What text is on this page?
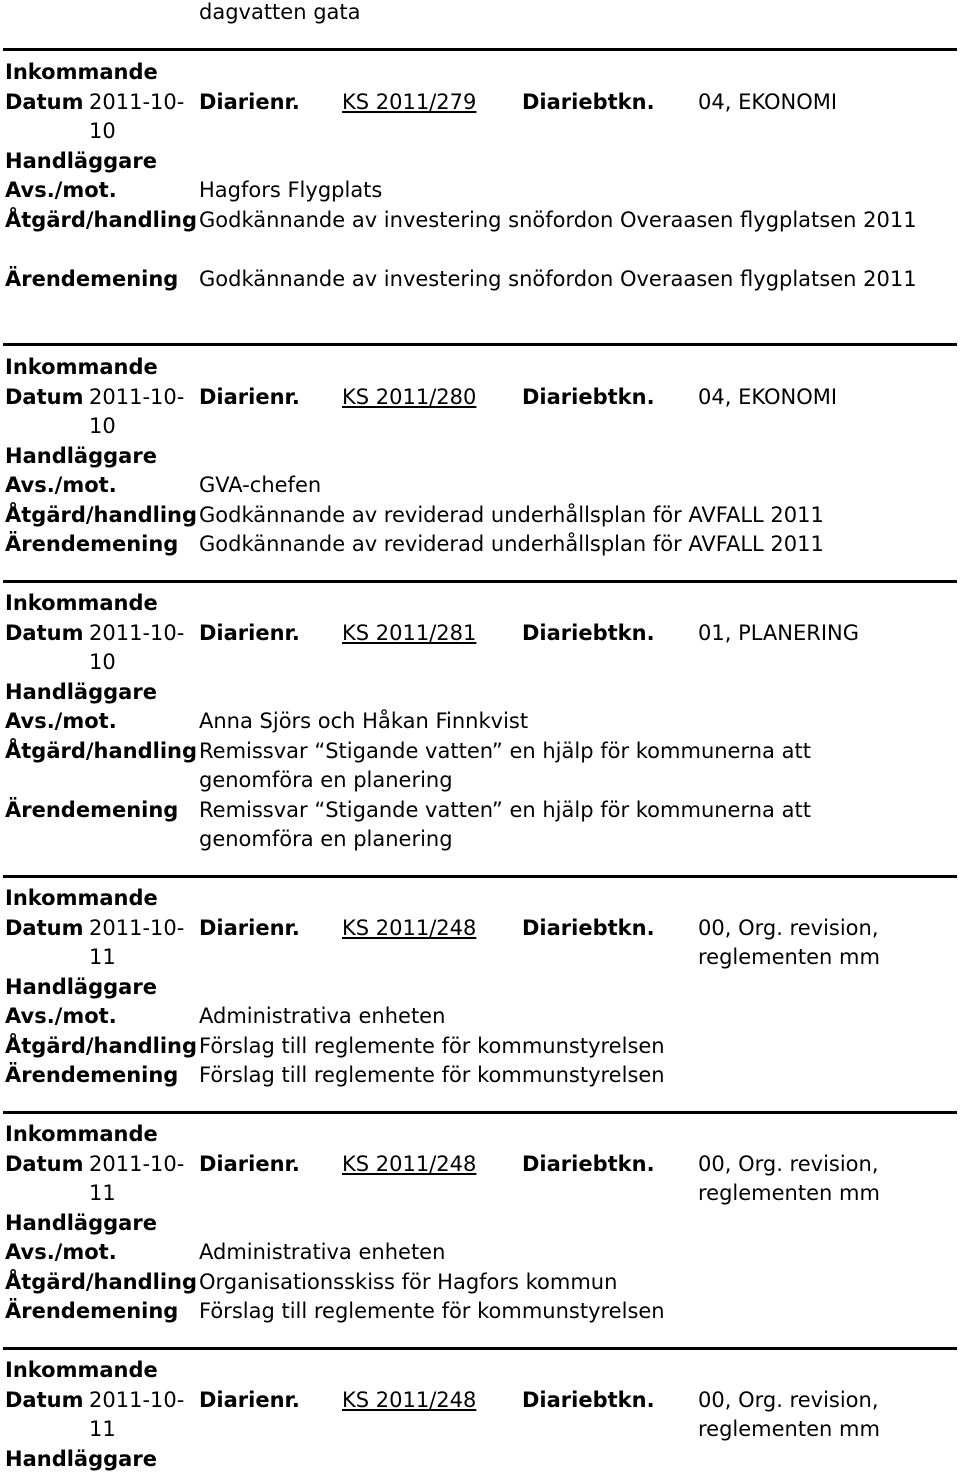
dagvatten gata
Inkommande
Datum 2011-10- Diarienr. KS 2011/279 Diariebtkn. 04, EKONOMI
10
Handläggare
Avs./mot.	Hagfors Flygplats
Åtgärd/handling Godkännande av investering snöfordon Overaasen flygplatsen 2011
Ärendemening Godkännande av investering snöfordon Overaasen flygplatsen 2011
Inkommande
Datum 2011-10- Diarienr. KS 2011/280 Diariebtkn. 04, EKONOMI
10
Handläggare
Avs./mot.	GVA-chefen
Åtgärd/handling Godkännande av reviderad underhållsplan för AVFALL 2011
Ärendemening Godkännande av reviderad underhållsplan för AVFALL 2011
Inkommande
Datum 2011-10- Diarienr. KS 2011/281 Diariebtkn. 01, PLANERING
10
Handläggare
Avs./mot.	Anna Sjörs och Håkan Finnkvist
Åtgärd/handling Remissvar “Stigande vatten” en hjälp för kommunerna att genomföra en planering
Ärendemening Remissvar “Stigande vatten” en hjälp för kommunerna att genomföra en planering
Inkommande
Datum 2011-10- Diarienr. KS 2011/248 Diariebtkn. 00, Org. revision, reglementen mm
11
Handläggare
Avs./mot.	Administrativa enheten
Åtgärd/handling Förslag till reglemente för kommunstyrelsen
Ärendemening Förslag till reglemente för kommunstyrelsen
Inkommande
Datum 2011-10- Diarienr. KS 2011/248 Diariebtkn. 00, Org. revision, reglementen mm
11
Handläggare
Avs./mot.	Administrativa enheten
Åtgärd/handling Organisationsskiss för Hagfors kommun
Ärendemening Förslag till reglemente för kommunstyrelsen
Inkommande
Datum 2011-10- Diarienr. KS 2011/248 Diariebtkn. 00, Org. revision, reglementen mm
11
Handläggare
